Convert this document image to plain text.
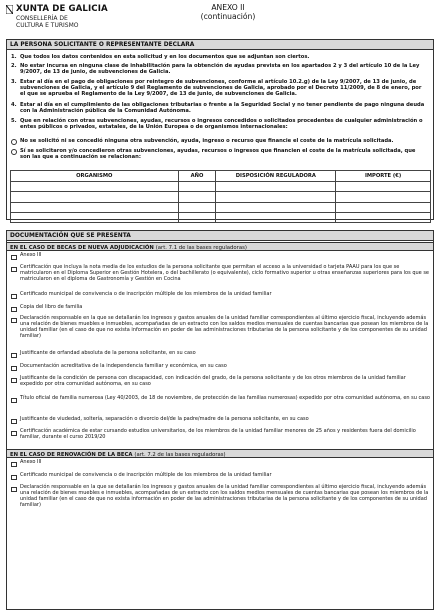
XUNTA DE GALICIA
CONSELLERÍA DE
CULTURA E TURISMO
ANEXO II
(continuación)
LA PERSONA SOLICITANTE O REPRESENTANTE DECLARA
1. Que todos los datos contenidos en esta solicitud y en los documentos que se adjuntan son ciertos.
2. No estar incursa en ninguna clase de inhabilitación para la obtención de ayudas prevista en los apartados 2 y 3 del artículo 10 de la Ley 9/2007, de 13 de junio, de subvenciones de Galicia.
3. Estar al día en el pago de obligaciones por reintegro de subvenciones, conforme al artículo 10.2.g) de la Ley 9/2007, de 13 de junio, de subvenciones de Galicia, y el artículo 9 del Reglamento de subvenciones de Galicia, aprobado por el Decreto 11/2009, de 8 de enero, por el que se aprueba el Reglamento de la Ley 9/2007, de 13 de junio, de subvenciones de Galicia.
4. Estar al día en el cumplimiento de las obligaciones tributarias o frente a la Seguridad Social y no tener pendiente de pago ninguna deuda con la Administración pública de la Comunidad Autónoma.
5. Que en relación con otras subvenciones, ayudas, recursos o ingresos concedidos o solicitados procedentes de cualquier administración o entes públicos o privados, estatales, de la Unión Europea o de organismos internacionales:
No se solicitó ni se concedió ninguna otra subvención, ayuda, ingreso o recurso que financie el coste de la matrícula solicitada.
Sí se solicitaron y/o concedieron otras subvenciones, ayudas, recursos o ingresos que financien el coste de la matrícula solicitada, que son las que a continuación se relacionan:
ORGANISMO	AÑO	DISPOSICIÓN REGULADORA	IMPORTE (€)

DOCUMENTACIÓN QUE SE PRESENTA
EN EL CASO DE BECAS DE NUEVA ADJUDICACIÓN (art. 7.1 de las bases reguladoras)
Anexo III
Certificación que incluya la nota media de los estudios de la persona solicitante que permitan el acceso a la universidad o tarjeta PAAU para los que se matricularon en el Diploma Superior en Gestión Hotelera, o del bachillerato (o equivalente), ciclo formativo superior u otras enseñanzas superiores para los que se matricularon en el diploma de Gastronomía y Gestión en Cocina
Certificado municipal de convivencia o de inscripción múltiple de los miembros de la unidad familiar
Copia del libro de familia
Declaración responsable en la que se detallarán los ingresos y gastos anuales de la unidad familiar correspondientes al último ejercicio fiscal, incluyendo además una relación de bienes muebles e inmuebles, acompañadas de un extracto con los saldos medios mensuales de cuentas bancarias que posean los miembros de la unidad familiar (en el caso de que no exista información en poder de las administraciones tributarias de la persona solicitante y de los componentes de su unidad familiar)
Justificante de orfandad absoluta de la persona solicitante, en su caso
Documentación acreditativa de la independencia familiar y económica, en su caso
Justificante de la condición de persona con discapacidad, con indicación del grado, de la persona solicitante y de los otros miembros de la unidad familiar expedido por otra comunidad autónoma, en su caso
Título oficial de familia numerosa (Ley 40/2003, de 18 de noviembre, de protección de las familias numerosas) expedido por otra comunidad autónoma, en su caso
Justificante de viudedad, soltería, separación o divorcio del/de la padre/madre de la persona solicitante, en su caso
Certificación académica de estar cursando estudios universitarios, de los miembros de la unidad familiar menores de 25 años y residentes fuera del domicilio familiar, durante el curso 2019/20
EN EL CASO DE RENOVACIÓN DE LA BECA (art. 7.2 de las bases reguladoras)
Anexo III
Certificado municipal de convivencia o de inscripción múltiple de los miembros de la unidad familiar
Declaración responsable en la que se detallarán los ingresos y gastos anuales de la unidad familiar correspondientes al último ejercicio fiscal, incluyendo además una relación de bienes muebles e inmuebles, acompañadas de un extracto con los saldos medios mensuales de cuentas bancarias que posean los miembros de la unidad familiar (en el caso de que no exista información en poder de las administraciones tributarias de la persona solicitante y de los componentes de su unidad familiar)
